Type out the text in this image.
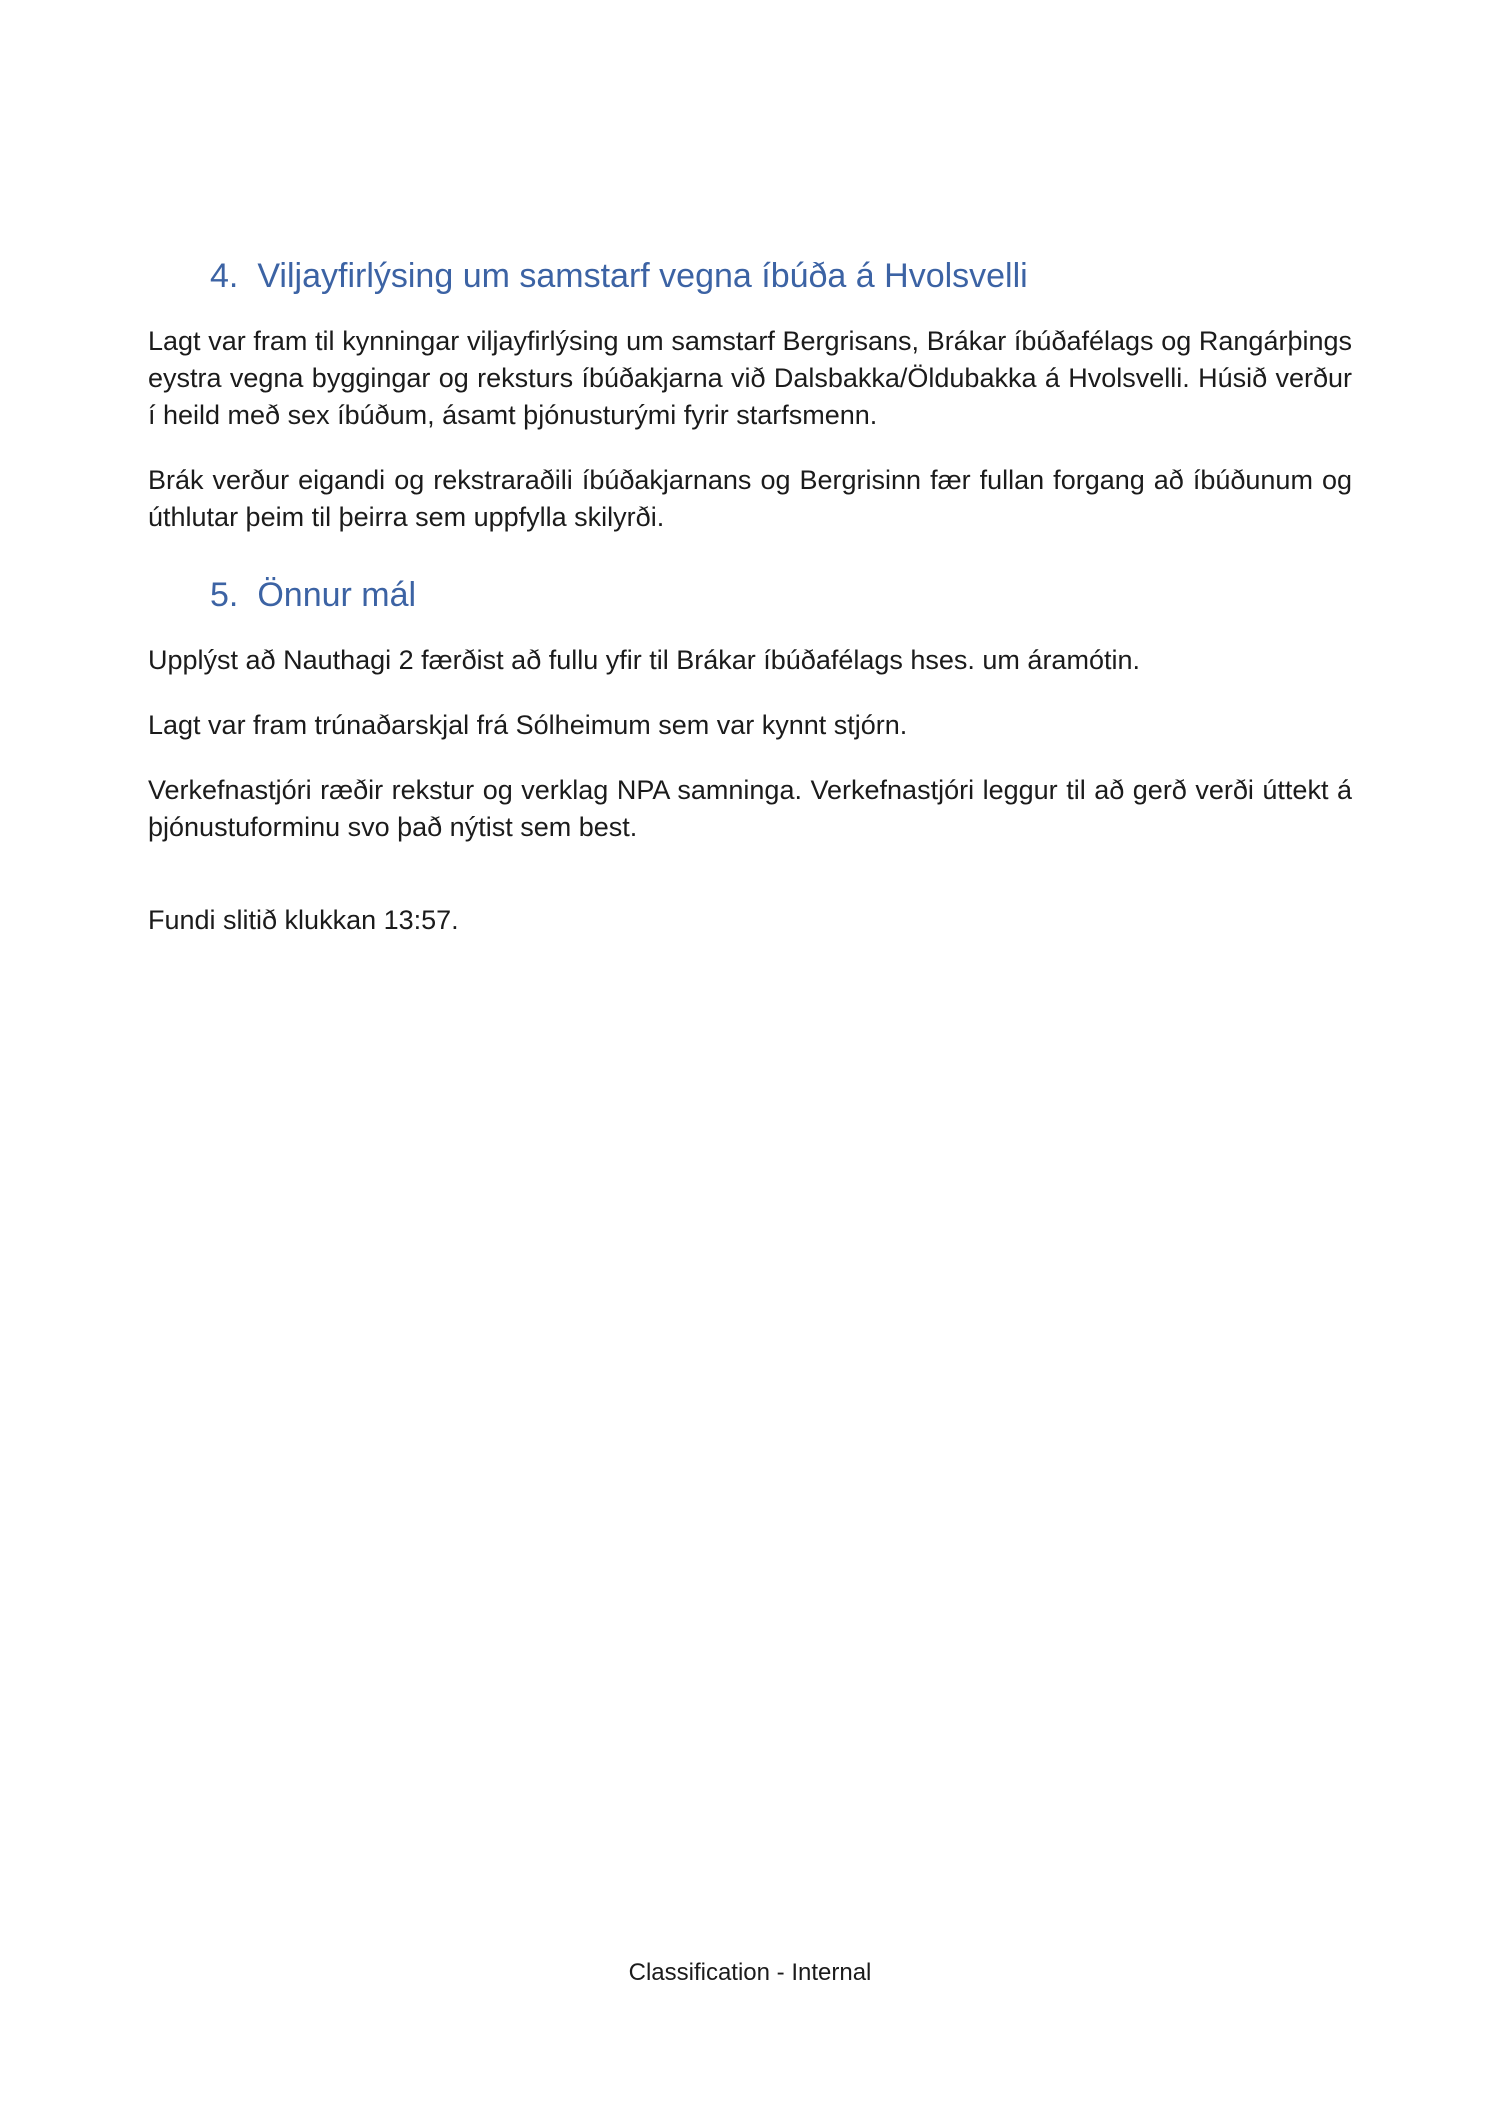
4. Viljayfirlýsing um samstarf vegna íbúða á Hvolsvelli

Lagt var fram til kynningar viljayfirlýsing um samstarf Bergrisans, Brákar íbúðafélags og Rangárþings eystra vegna byggingar og reksturs íbúðakjarna við Dalsbakka/Öldubakka á Hvolsvelli. Húsið verður í heild með sex íbúðum, ásamt þjónusturými fyrir starfsmenn.

Brák verður eigandi og rekstraraðili íbúðakjarnans og Bergrisinn fær fullan forgang að íbúðunum og úthlutar þeim til þeirra sem uppfylla skilyrði.

5. Önnur mál

Upplýst að Nauthagi 2 færðist að fullu yfir til Brákar íbúðafélags hses. um áramótin.

Lagt var fram trúnaðarskjal frá Sólheimum sem var kynnt stjórn.

Verkefnastjóri ræðir rekstur og verklag NPA samninga. Verkefnastjóri leggur til að gerð verði úttekt á þjónustuforminu svo það nýtist sem best.

Fundi slitið klukkan 13:57.

Classification - Internal
